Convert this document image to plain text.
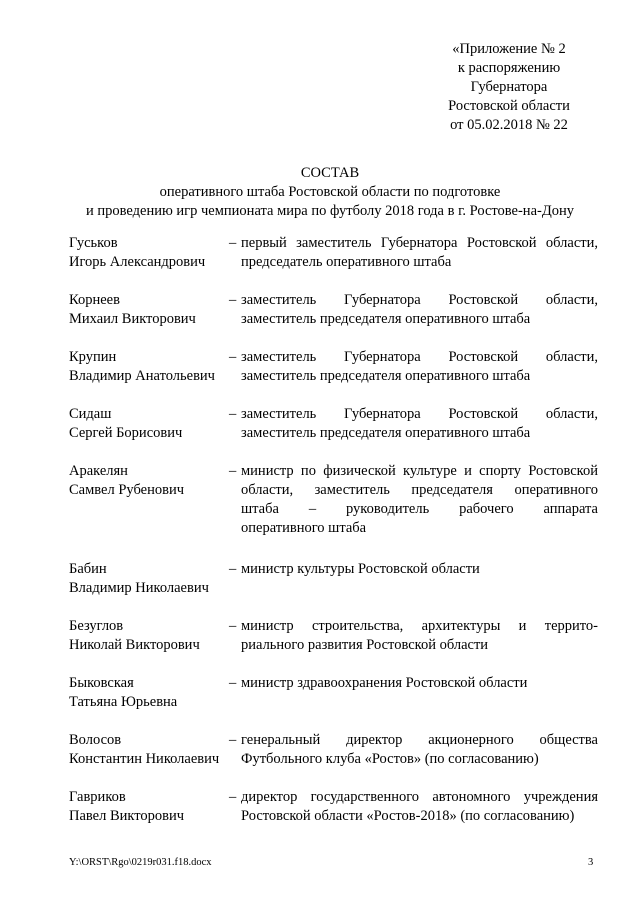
«Приложение № 2
к распоряжению
Губернатора
Ростовской области
от 05.02.2018 № 22
СОСТАВ
оперативного штаба Ростовской области по подготовке
и проведению игр чемпионата мира по футболу 2018 года в г. Ростове-на-Дону
Гуськов
Игорь Александрович
– первый заместитель Губернатора Ростовской области,
председатель оперативного штаба
Корнеев
Михаил Викторович
– заместитель Губернатора Ростовской области,
заместитель председателя оперативного штаба
Крупин
Владимир Анатольевич
– заместитель Губернатора Ростовской области,
заместитель председателя оперативного штаба
Сидаш
Сергей Борисович
– заместитель Губернатора Ростовской области,
заместитель председателя оперативного штаба
Аракелян
Самвел Рубенович
– министр по физической культуре и спорту Ростовской
области, заместитель председателя оперативного
штаба – руководитель рабочего аппарата
оперативного штаба
Бабин
Владимир Николаевич
– министр культуры Ростовской области
Безуглов
Николай Викторович
– министр строительства, архитектуры и террито-
риального развития Ростовской области
Быковская
Татьяна Юрьевна
– министр здравоохранения Ростовской области
Волосов
Константин Николаевич
– генеральный директор акционерного общества
Футбольного клуба «Ростов» (по согласованию)
Гавриков
Павел Викторович
– директор государственного автономного учреждения
Ростовской области «Ростов-2018» (по согласованию)
Y:\ORST\Rgo\0219r031.f18.docx	3
